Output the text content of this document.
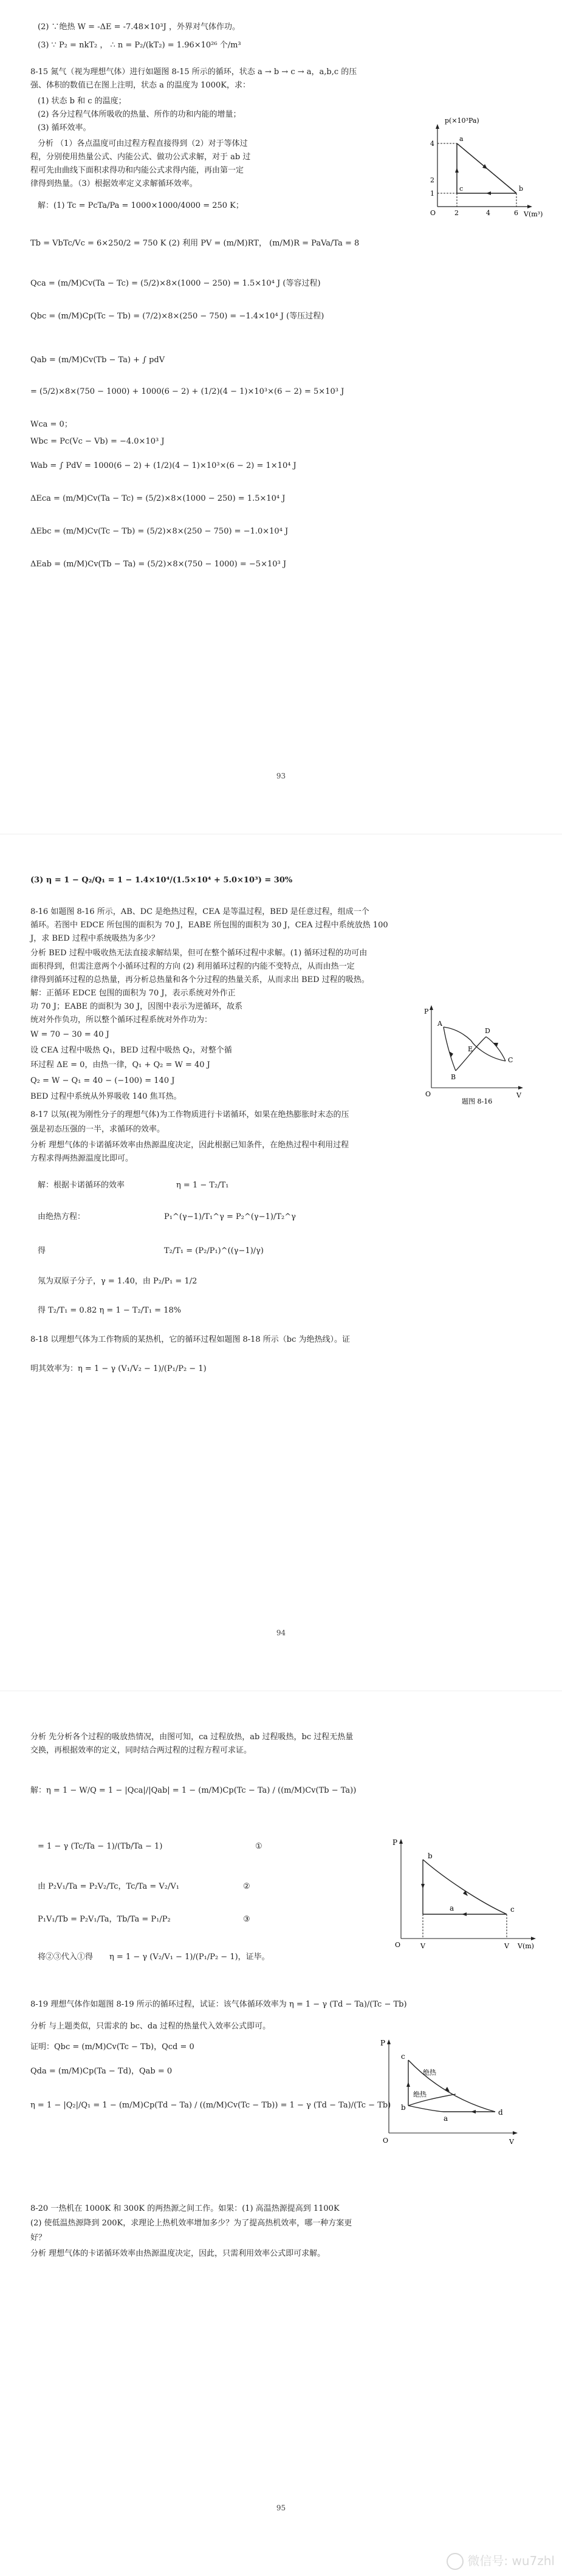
(2) ∵绝热 W = -ΔE = -7.48×10³J ，外界对气体作功。
(3) ∵ P₂ = nkT₂ ， ∴ n = P₂/(kT₂) = 1.96×10²⁶ 个/m³
8-15 氮气（视为理想气体）进行如题图 8-15 所示的循环，状态 a → b → c → a，a,b,c 的压
强、体积的数值已在图上注明，状态 a 的温度为 1000K，求：
(1) 状态 b 和 c 的温度；
(2) 各分过程气体所吸收的热量、所作的功和内能的增量；
(3) 循环效率。
分析 （1）各点温度可由过程方程直接得到（2）对于等体过
程，分别使用热量公式、内能公式、做功公式求解，对于 ab 过
程可先由曲线下面积求得功和内能公式求得内能，再由第一定
律得到热量。（3）根据效率定义求解循环效率。
p(×10³Pa)
V(m³)
4
2
1
O	2	4	6
a
b
c
解：(1) Tc = PcTa/Pa = 1000×1000/4000 = 250 K；
Tb = VbTc/Vc = 6×250/2 = 750 K (2) 利用 PV = (m/M)RT， (m/M)R = PaVa/Ta = 8
Qca = (m/M)Cv(Ta − Tc) = (5/2)×8×(1000 − 250) = 1.5×10⁴ J (等容过程)
Qbc = (m/M)Cp(Tc − Tb) = (7/2)×8×(250 − 750) = −1.4×10⁴ J (等压过程)
Qab = (m/M)Cv(Tb − Ta) + ∫ pdV
= (5/2)×8×(750 − 1000) + 1000(6 − 2) + (1/2)(4 − 1)×10³×(6 − 2) = 5×10³ J
Wca = 0；
Wbc = Pc(Vc − Vb) = −4.0×10³ J
Wab = ∫ PdV = 1000(6 − 2) + (1/2)(4 − 1)×10³×(6 − 2) = 1×10⁴ J
ΔEca = (m/M)Cv(Ta − Tc) = (5/2)×8×(1000 − 250) = 1.5×10⁴ J
ΔEbc = (m/M)Cv(Tc − Tb) = (5/2)×8×(250 − 750) = −1.0×10⁴ J
ΔEab = (m/M)Cv(Tb − Ta) = (5/2)×8×(750 − 1000) = −5×10³ J
93
(3) η = 1 − Q₂/Q₁ = 1 − 1.4×10⁴/(1.5×10⁴ + 5.0×10³) = 30%
8-16 如题图 8-16 所示，AB、DC 是绝热过程，CEA 是等温过程，BED 是任意过程，组成一个
循环。若图中 EDCE 所包围的面积为 70 J，EABE 所包围的面积为 30 J，CEA 过程中系统放热 100
J，求 BED 过程中系统吸热为多少？
分析 BED 过程中吸收热无法直接求解结果，但可在整个循环过程中求解。(1) 循环过程的功可由
面积得到，但需注意两个小循环过程的方向 (2) 利用循环过程的内能不变特点，从而由热一定
律得到循环过程的总热量，再分析总热量和各个分过程的热量关系，从而求出 BED 过程的吸热。
解：正循环 EDCE 包围的面积为 70 J，表示系统对外作正
功 70 J；EABE 的面积为 30 J，因图中表示为逆循环，故系
统对外作负功，所以整个循环过程系统对外作功为：
W = 70 − 30 = 40 J
设 CEA 过程中吸热 Q₁，BED 过程中吸热 Q₂，对整个循
环过程 ΔE = 0，由热一律，Q₁ + Q₂ = W = 40 J
Q₂ = W − Q₁ = 40 − (−100) = 140 J
BED 过程中系统从外界吸收 140 焦耳热。
P
V
O
A
B
C
D
E
题图 8-16
8-17 以氖(视为刚性分子的理想气体)为工作物质进行卡诺循环，如果在绝热膨胀时末态的压
强是初态压强的一半，求循环的效率。
分析 理想气体的卡诺循环效率由热源温度决定，因此根据已知条件，在绝热过程中利用过程
方程求得两热源温度比即可。
解：根据卡诺循环的效率	η = 1 − T₂/T₁
由绝热方程：	P₁^(γ−1)/T₁^γ = P₂^(γ−1)/T₂^γ
得	T₂/T₁ = (P₂/P₁)^((γ−1)/γ)
氖为双原子分子，γ = 1.40，由 P₂/P₁ = 1/2
得 T₂/T₁ = 0.82 η = 1 − T₂/T₁ = 18%
8-18 以理想气体为工作物质的某热机，它的循环过程如题图 8-18 所示（bc 为绝热线）。证
明其效率为：η = 1 − γ (V₁/V₂ − 1)/(P₁/P₂ − 1)
94
分析 先分析各个过程的吸放热情况，由图可知，ca 过程放热，ab 过程吸热，bc 过程无热量
交换，再根据效率的定义，同时结合两过程的过程方程可求证。
解：η = 1 − W/Q = 1 − |Qca|/|Qab| = 1 − (m/M)Cp(Tc − Ta) / ((m/M)Cv(Tb − Ta))
= 1 − γ (Tc/Ta − 1)/(Tb/Ta − 1)	①
由 P₂V₁/Ta = P₂V₂/Tc，Tc/Ta = V₂/V₁	②
P₁V₁/Tb = P₂V₁/Ta，Tb/Ta = P₁/P₂	③
将②③代入①得 η = 1 − γ (V₂/V₁ − 1)/(P₁/P₂ − 1)，证毕。
P
O	V	V V(m)
b
a	c
8-19 理想气体作如题图 8-19 所示的循环过程，试证：该气体循环效率为 η = 1 − γ (Td − Ta)/(Tc − Tb)
分析 与上题类似，只需求的 bc、da 过程的热量代入效率公式即可。
证明：Qbc = (m/M)Cv(Tc − Tb)，Qcd = 0
Qda = (m/M)Cp(Ta − Td)，Qab = 0
η = 1 − |Q₂|/Q₁ = 1 − (m/M)Cp(Td − Ta) / ((m/M)Cv(Tc − Tb)) = 1 − γ (Td − Ta)/(Tc − Tb)
P
O	V
c
b
a
d
绝热
绝热
8-20 一热机在 1000K 和 300K 的两热源之间工作。如果：(1) 高温热源提高到 1100K
(2) 使低温热源降到 200K，求理论上热机效率增加多少？为了提高热机效率，哪一种方案更
好？
分析 理想气体的卡诺循环效率由热源温度决定，因此，只需利用效率公式即可求解。
95
微信号: wu7zhl
